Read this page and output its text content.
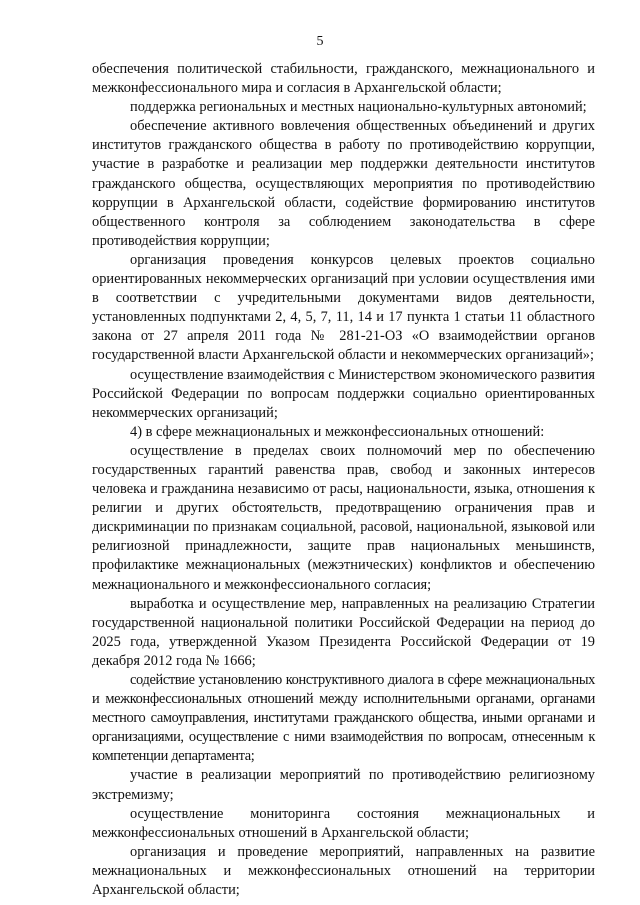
5

обеспечения политической стабильности, гражданского, межнационального и межконфессионального мира и согласия в Архангельской области;

поддержка региональных и местных национально-культурных автономий;

обеспечение активного вовлечения общественных объединений и других институтов гражданского общества в работу по противодействию коррупции, участие в разработке и реализации мер поддержки деятельности институтов гражданского общества, осуществляющих мероприятия по противодействию коррупции в Архангельской области, содействие формированию институтов общественного контроля за соблюдением законодательства в сфере противодействия коррупции;

организация проведения конкурсов целевых проектов социально ориентированных некоммерческих организаций при условии осуществления ими в соответствии с учредительными документами видов деятельности, установленных подпунктами 2, 4, 5, 7, 11, 14 и 17 пункта 1 статьи 11 областного закона от 27 апреля 2011 года № 281-21-ОЗ «О взаимодействии органов государственной власти Архангельской области и некоммерческих организаций»;

осуществление взаимодействия с Министерством экономического развития Российской Федерации по вопросам поддержки социально ориентированных некоммерческих организаций;

4) в сфере межнациональных и межконфессиональных отношений:

осуществление в пределах своих полномочий мер по обеспечению государственных гарантий равенства прав, свобод и законных интересов человека и гражданина независимо от расы, национальности, языка, отношения к религии и других обстоятельств, предотвращению ограничения прав и дискриминации по признакам социальной, расовой, национальной, языковой или религиозной принадлежности, защите прав национальных меньшинств, профилактике межнациональных (межэтнических) конфликтов и обеспечению межнационального и межконфессионального согласия;

выработка и осуществление мер, направленных на реализацию Стратегии государственной национальной политики Российской Федерации на период до 2025 года, утвержденной Указом Президента Российской Федерации от 19 декабря 2012 года № 1666;

содействие установлению конструктивного диалога в сфере межнациональных и межконфессиональных отношений между исполнительными органами, органами местного самоуправления, институтами гражданского общества, иными органами и организациями, осуществление с ними взаимодействия по вопросам, отнесенным к компетенции департамента;

участие в реализации мероприятий по противодействию религиозному экстремизму;

осуществление мониторинга состояния межнациональных и межконфессиональных отношений в Архангельской области;

организация и проведение мероприятий, направленных на развитие межнациональных и межконфессиональных отношений на территории Архангельской области;
